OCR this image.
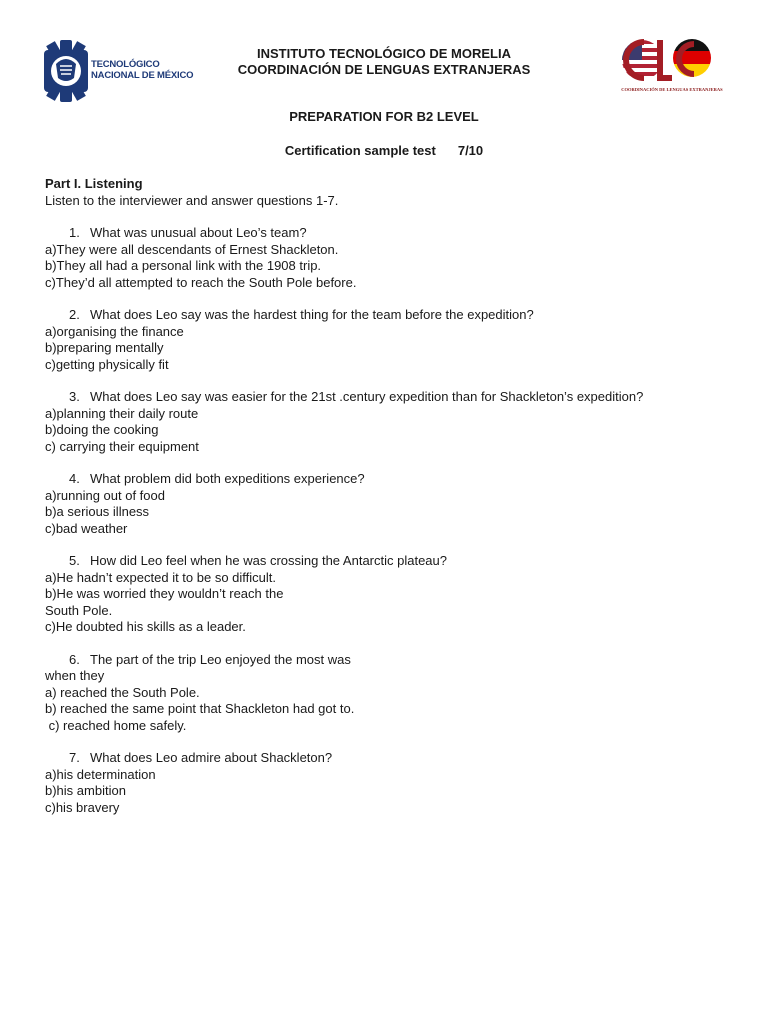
TECNOLÓGICO
NACIONAL DE MÉXICO
COORDINACIÓN DE LENGUAS EXTRANJERAS
INSTITUTO TECNOLÓGICO DE MORELIA
COORDINACIÓN DE LENGUAS EXTRANJERAS
PREPARATION FOR B2 LEVEL
Certification sample test 7/10
Part I. Listening
Listen to the interviewer and answer questions 1-7.
1. What was unusual about Leo’s team?
a)They were all descendants of Ernest Shackleton.
b)They all had a personal link with the 1908 trip.
c)They’d all attempted to reach the South Pole before.
2. What does Leo say was the hardest thing for the team before the expedition?
a)organising the finance
b)preparing mentally
c)getting physically fit
3. What does Leo say was easier for the 21st .century expedition than for Shackleton’s expedition?
a)planning their daily route
b)doing the cooking
c) carrying their equipment
4. What problem did both expeditions experience?
a)running out of food
b)a serious illness
c)bad weather
5. How did Leo feel when he was crossing the Antarctic plateau?
a)He hadn’t expected it to be so difficult.
b)He was worried they wouldn’t reach the
South Pole.
c)He doubted his skills as a leader.
6. The part of the trip Leo enjoyed the most was
when they
a) reached the South Pole.
b) reached the same point that Shackleton had got to.
c) reached home safely.
7. What does Leo admire about Shackleton?
a)his determination
b)his ambition
c)his bravery
